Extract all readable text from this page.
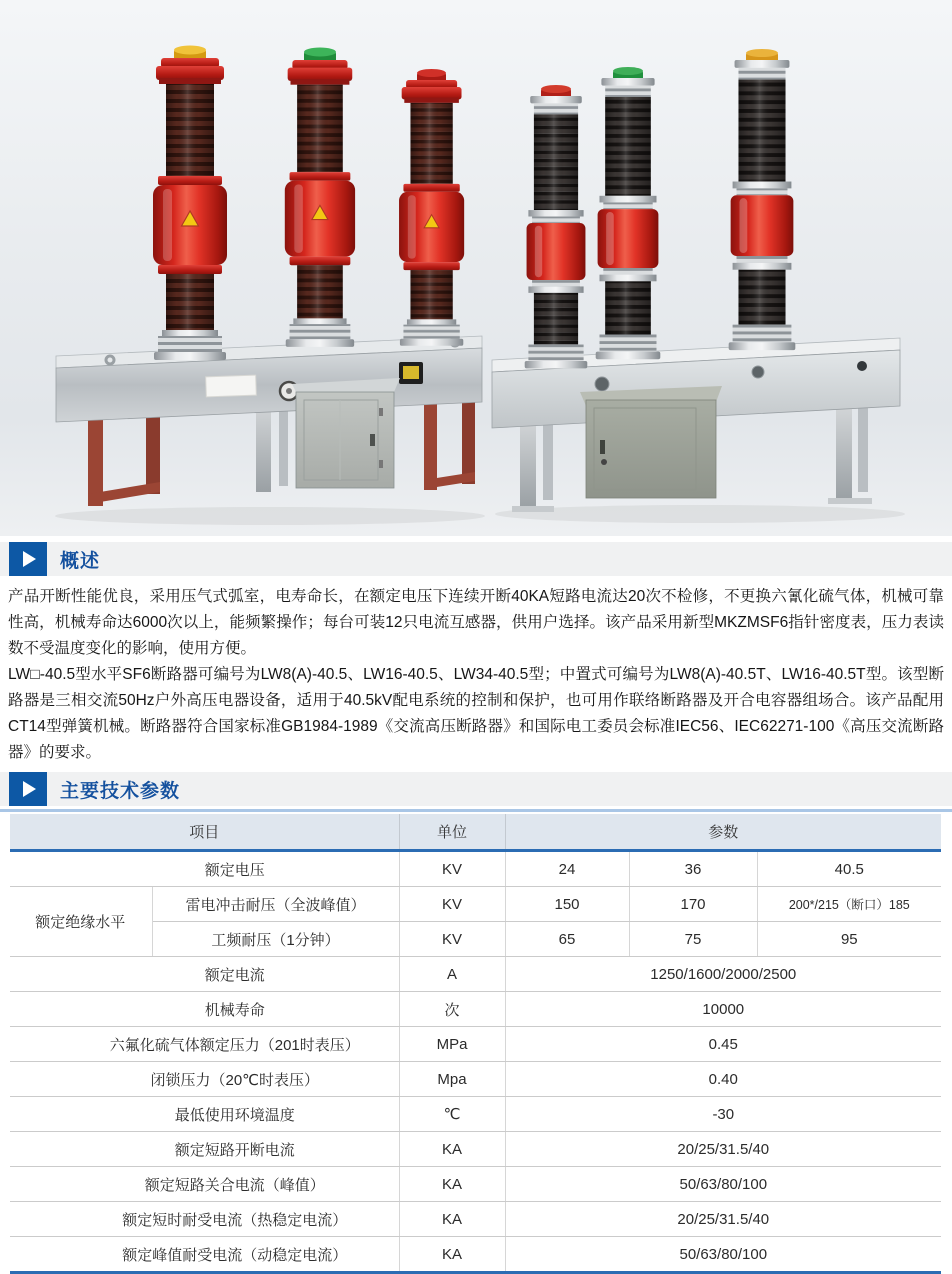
概述

产品开断性能优良，采用压气式弧室，电寿命长，在额定电压下连续开断40KA短路电流达20次不检修，不更换六氰化硫气体，机械可靠性高，机械寿命达6000次以上，能频繁操作；每台可装12只电流互感器，供用户选择。该产品采用新型MKZMSF6指针密度表，压力表读数不受温度变化的影响，使用方便。

LW□-40.5型水平SF6断路器可编号为LW8(A)-40.5、LW16-40.5、LW34-40.5型；中置式可编号为LW8(A)-40.5T、LW16-40.5T型。该型断路器是三相交流50Hz户外高压电器设备，适用于40.5kV配电系统的控制和保护，也可用作联络断路器及开合电容器组场合。该产品配用CT14型弹簧机械。断路器符合国家标准GB1984-1989《交流高压断路器》和国际电工委员会标准IEC56、IEC62271-100《高压交流断路器》的要求。

主要技术参数
项目		单位	参数		
额定电压		KV	24	36	40.5
额定绝缘水平	雷电冲击耐压（全波峰值）	KV	150	170	200*/215（断口）185
	工频耐压（1分钟）	KV	65	75	95
额定电流		A	1250/1600/2000/2500		
机械寿命		次	10000		
六氟化硫气体额定压力（201时表压）		MPa	0.45		
闭锁压力（20℃时表压）		Mpa	0.40		
最低使用环境温度		℃	-30		
额定短路开断电流		KA	20/25/31.5/40		
额定短路关合电流（峰值）		KA	50/63/80/100		
额定短时耐受电流（热稳定电流）		KA	20/25/31.5/40		
额定峰值耐受电流（动稳定电流）		KA	50/63/80/100		
